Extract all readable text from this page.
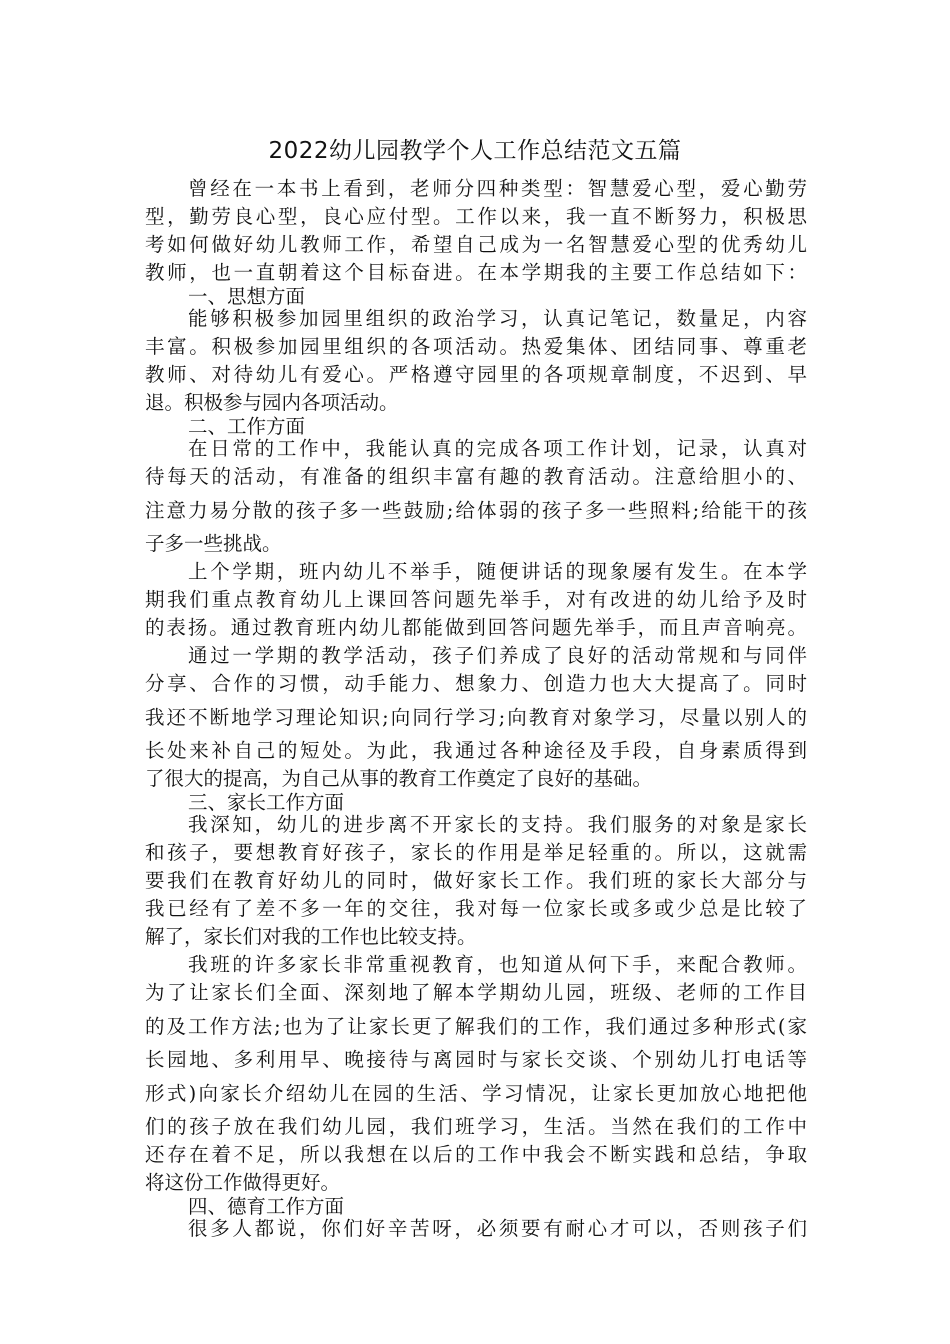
2022幼儿园教学个人工作总结范文五篇

曾经在一本书上看到，老师分四种类型：智慧爱心型，爱心勤劳

型，勤劳良心型，良心应付型。工作以来，我一直不断努力，积极思

考如何做好幼儿教师工作，希望自己成为一名智慧爱心型的优秀幼儿

教师，也一直朝着这个目标奋进。在本学期我的主要工作总结如下：

一、思想方面

能够积极参加园里组织的政治学习，认真记笔记，数量足，内容

丰富。积极参加园里组织的各项活动。热爱集体、团结同事、尊重老

教师、对待幼儿有爱心。严格遵守园里的各项规章制度，不迟到、早

退。积极参与园内各项活动。

二、工作方面

在日常的工作中，我能认真的完成各项工作计划，记录，认真对

待每天的活动，有准备的组织丰富有趣的教育活动。注意给胆小的、

注意力易分散的孩子多一些鼓励;给体弱的孩子多一些照料;给能干的孩

子多一些挑战。

上个学期，班内幼儿不举手，随便讲话的现象屡有发生。在本学

期我们重点教育幼儿上课回答问题先举手，对有改进的幼儿给予及时

的表扬。通过教育班内幼儿都能做到回答问题先举手，而且声音响亮。

通过一学期的教学活动，孩子们养成了良好的活动常规和与同伴

分享、合作的习惯，动手能力、想象力、创造力也大大提高了。同时

我还不断地学习理论知识;向同行学习;向教育对象学习，尽量以别人的

长处来补自己的短处。为此，我通过各种途径及手段，自身素质得到

了很大的提高，为自己从事的教育工作奠定了良好的基础。

三、家长工作方面

我深知，幼儿的进步离不开家长的支持。我们服务的对象是家长

和孩子，要想教育好孩子，家长的作用是举足轻重的。所以，这就需

要我们在教育好幼儿的同时，做好家长工作。我们班的家长大部分与

我已经有了差不多一年的交往，我对每一位家长或多或少总是比较了

解了，家长们对我的工作也比较支持。

我班的许多家长非常重视教育，也知道从何下手，来配合教师。

为了让家长们全面、深刻地了解本学期幼儿园，班级、老师的工作目

的及工作方法;也为了让家长更了解我们的工作，我们通过多种形式(家

长园地、多利用早、晚接待与离园时与家长交谈、个别幼儿打电话等

形式)向家长介绍幼儿在园的生活、学习情况，让家长更加放心地把他

们的孩子放在我们幼儿园，我们班学习，生活。当然在我们的工作中

还存在着不足，所以我想在以后的工作中我会不断实践和总结，争取

将这份工作做得更好。

四、德育工作方面

很多人都说，你们好辛苦呀，必须要有耐心才可以，否则孩子们
